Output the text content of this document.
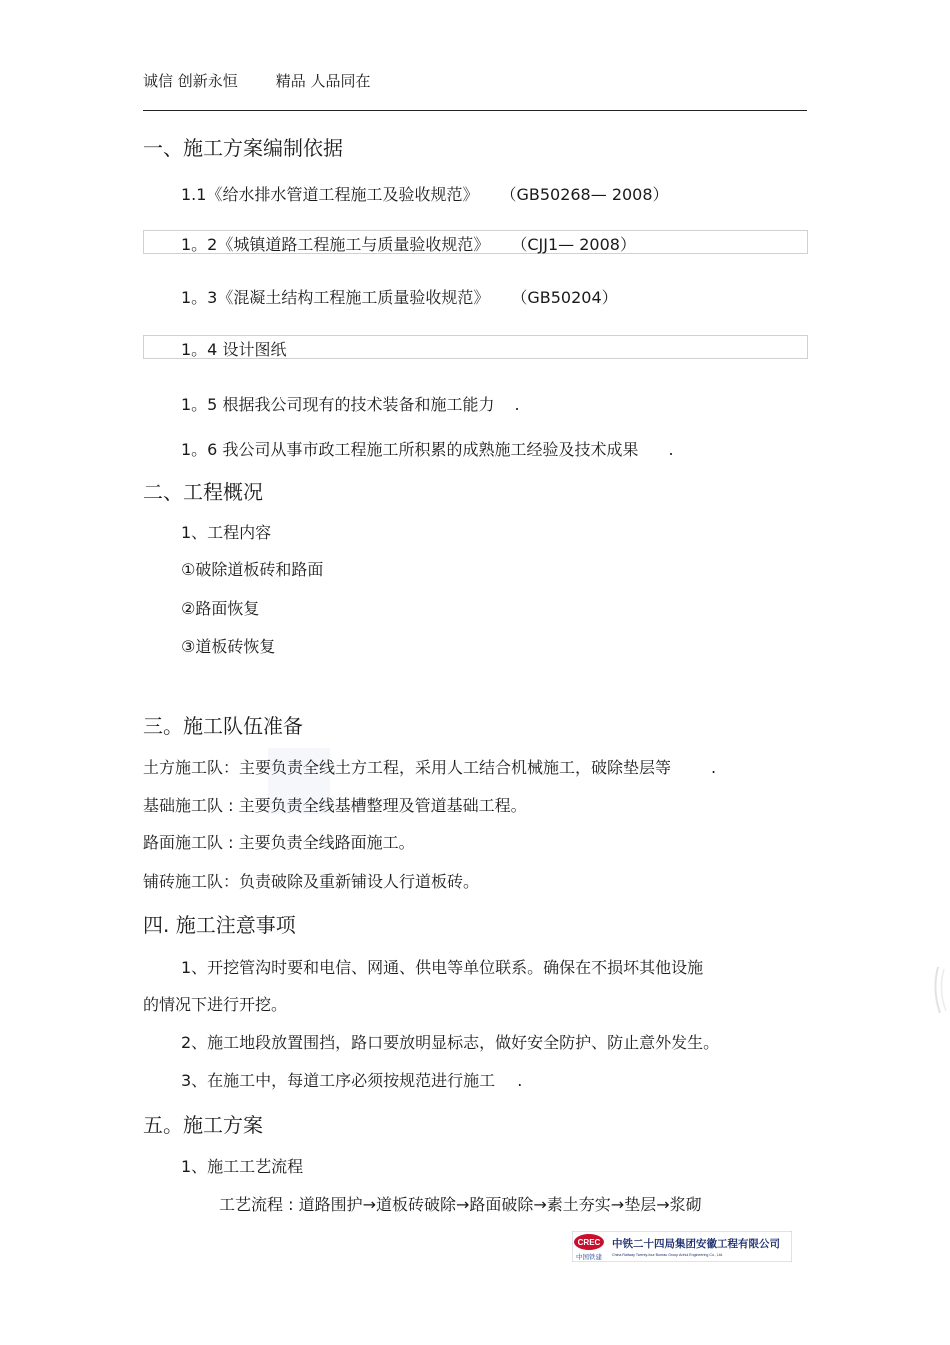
诚信 创新永恒	精品 人品同在
一、施工方案编制依据
1.1《给水排水管道工程施工及验收规范》 （GB50268— 2008）
1。2《城镇道路工程施工与质量验收规范》 （CJJ1— 2008）
1。3《混凝土结构工程施工质量验收规范》 （GB50204）
1。4 设计图纸
1。5 根据我公司现有的技术装备和施工能力 .
1。6 我公司从事市政工程施工所积累的成熟施工经验及技术成果 .
二、工程概况
1、工程内容
①破除道板砖和路面
②路面恢复
③道板砖恢复
三。施工队伍准备
土方施工队：主要负责全线土方工程，采用人工结合机械施工，破除垫层等	.
基础施工队 : 主要负责全线基槽整理及管道基础工程。
路面施工队 : 主要负责全线路面施工。
铺砖施工队：负责破除及重新铺设人行道板砖。
四. 施工注意事项
1、开挖管沟时要和电信、网通、供电等单位联系。确保在不损坏其他设施
的情况下进行开挖。
2、施工地段放置围挡，路口要放明显标志，做好安全防护、防止意外发生。
3、在施工中，每道工序必须按规范进行施工 .
五。施工方案
1、施工工艺流程
工艺流程 : 道路围护→道板砖破除→路面破除→素土夯实→垫层→浆砌
CREC
中国铁建
中铁二十四局集团安徽工程有限公司
China Railway Twenty-four Bureau Group Anhui Engineering Co., Ltd.
